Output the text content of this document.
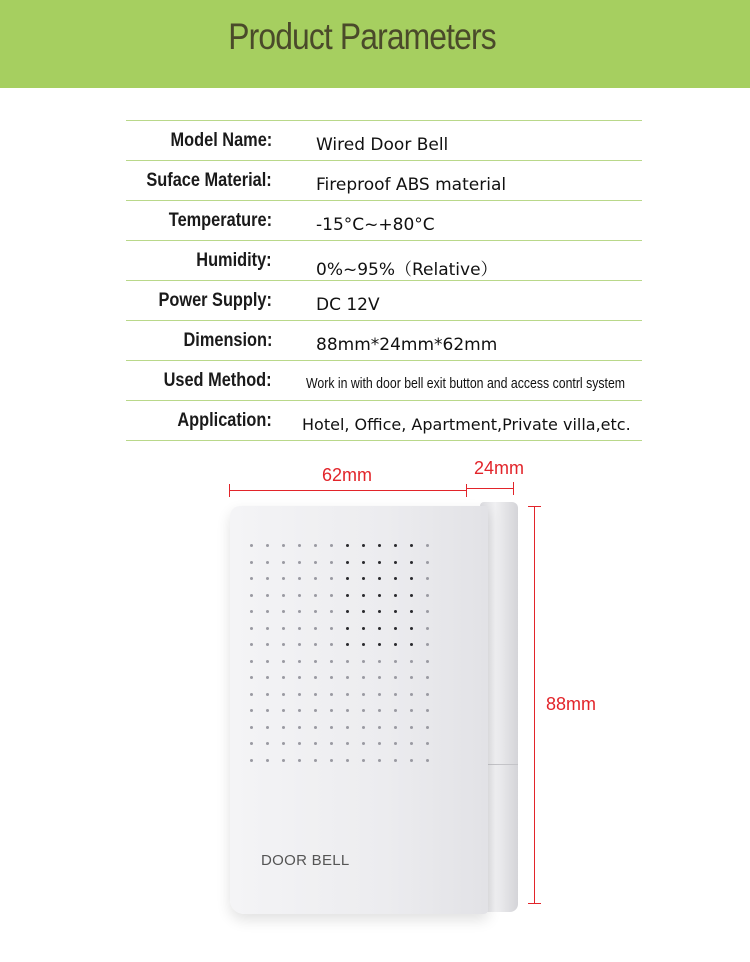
Product Parameters
Model Name:	Wired Door Bell
Suface Material:	Fireproof ABS material
Temperature:	-15°C~+80°C
Humidity:	0%~95%（Relative）
Power Supply:	DC 12V
Dimension:	88mm*24mm*62mm
Used Method: Work in with door bell exit button and access contrl system
Application: Hotel, Office, Apartment,Private villa,etc.
62mm	24mm
88mm
DOOR BELL
